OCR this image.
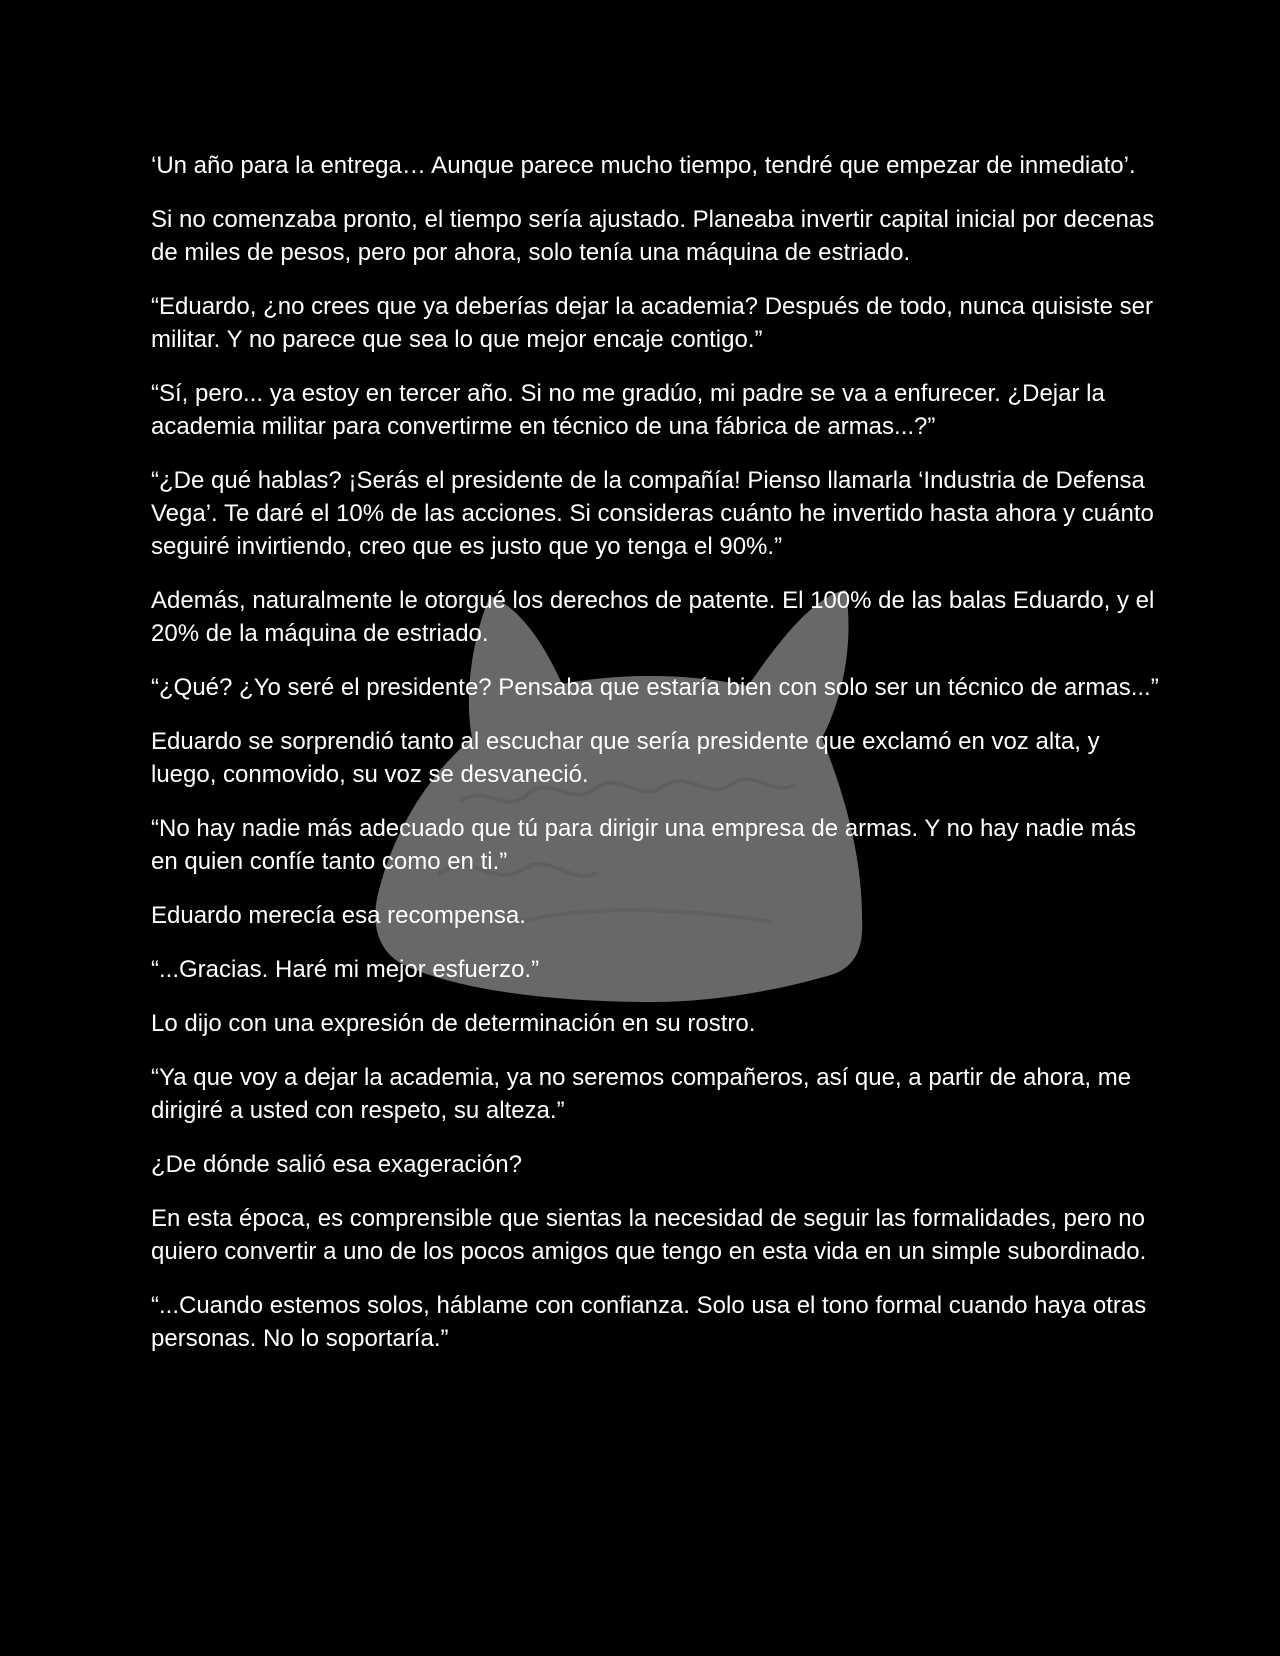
‘Un año para la entrega… Aunque parece mucho tiempo, tendré que empezar de inmediato’.

Si no comenzaba pronto, el tiempo sería ajustado. Planeaba invertir capital inicial por decenas de miles de pesos, pero por ahora, solo tenía una máquina de estriado.

“Eduardo, ¿no crees que ya deberías dejar la academia? Después de todo, nunca quisiste ser militar. Y no parece que sea lo que mejor encaje contigo.”

“Sí, pero... ya estoy en tercer año. Si no me gradúo, mi padre se va a enfurecer. ¿Dejar la academia militar para convertirme en técnico de una fábrica de armas...?”

“¿De qué hablas? ¡Serás el presidente de la compañía! Pienso llamarla ‘Industria de Defensa Vega’. Te daré el 10% de las acciones. Si consideras cuánto he invertido hasta ahora y cuánto seguiré invirtiendo, creo que es justo que yo tenga el 90%.”

Además, naturalmente le otorgué los derechos de patente. El 100% de las balas Eduardo, y el 20% de la máquina de estriado.

“¿Qué? ¿Yo seré el presidente? Pensaba que estaría bien con solo ser un técnico de armas...”

Eduardo se sorprendió tanto al escuchar que sería presidente que exclamó en voz alta, y luego, conmovido, su voz se desvaneció.

“No hay nadie más adecuado que tú para dirigir una empresa de armas. Y no hay nadie más en quien confíe tanto como en ti.”

Eduardo merecía esa recompensa.

“...Gracias. Haré mi mejor esfuerzo.”

Lo dijo con una expresión de determinación en su rostro.

“Ya que voy a dejar la academia, ya no seremos compañeros, así que, a partir de ahora, me dirigiré a usted con respeto, su alteza.”

¿De dónde salió esa exageración?

En esta época, es comprensible que sientas la necesidad de seguir las formalidades, pero no quiero convertir a uno de los pocos amigos que tengo en esta vida en un simple subordinado.

“...Cuando estemos solos, háblame con confianza. Solo usa el tono formal cuando haya otras personas. No lo soportaría.”
